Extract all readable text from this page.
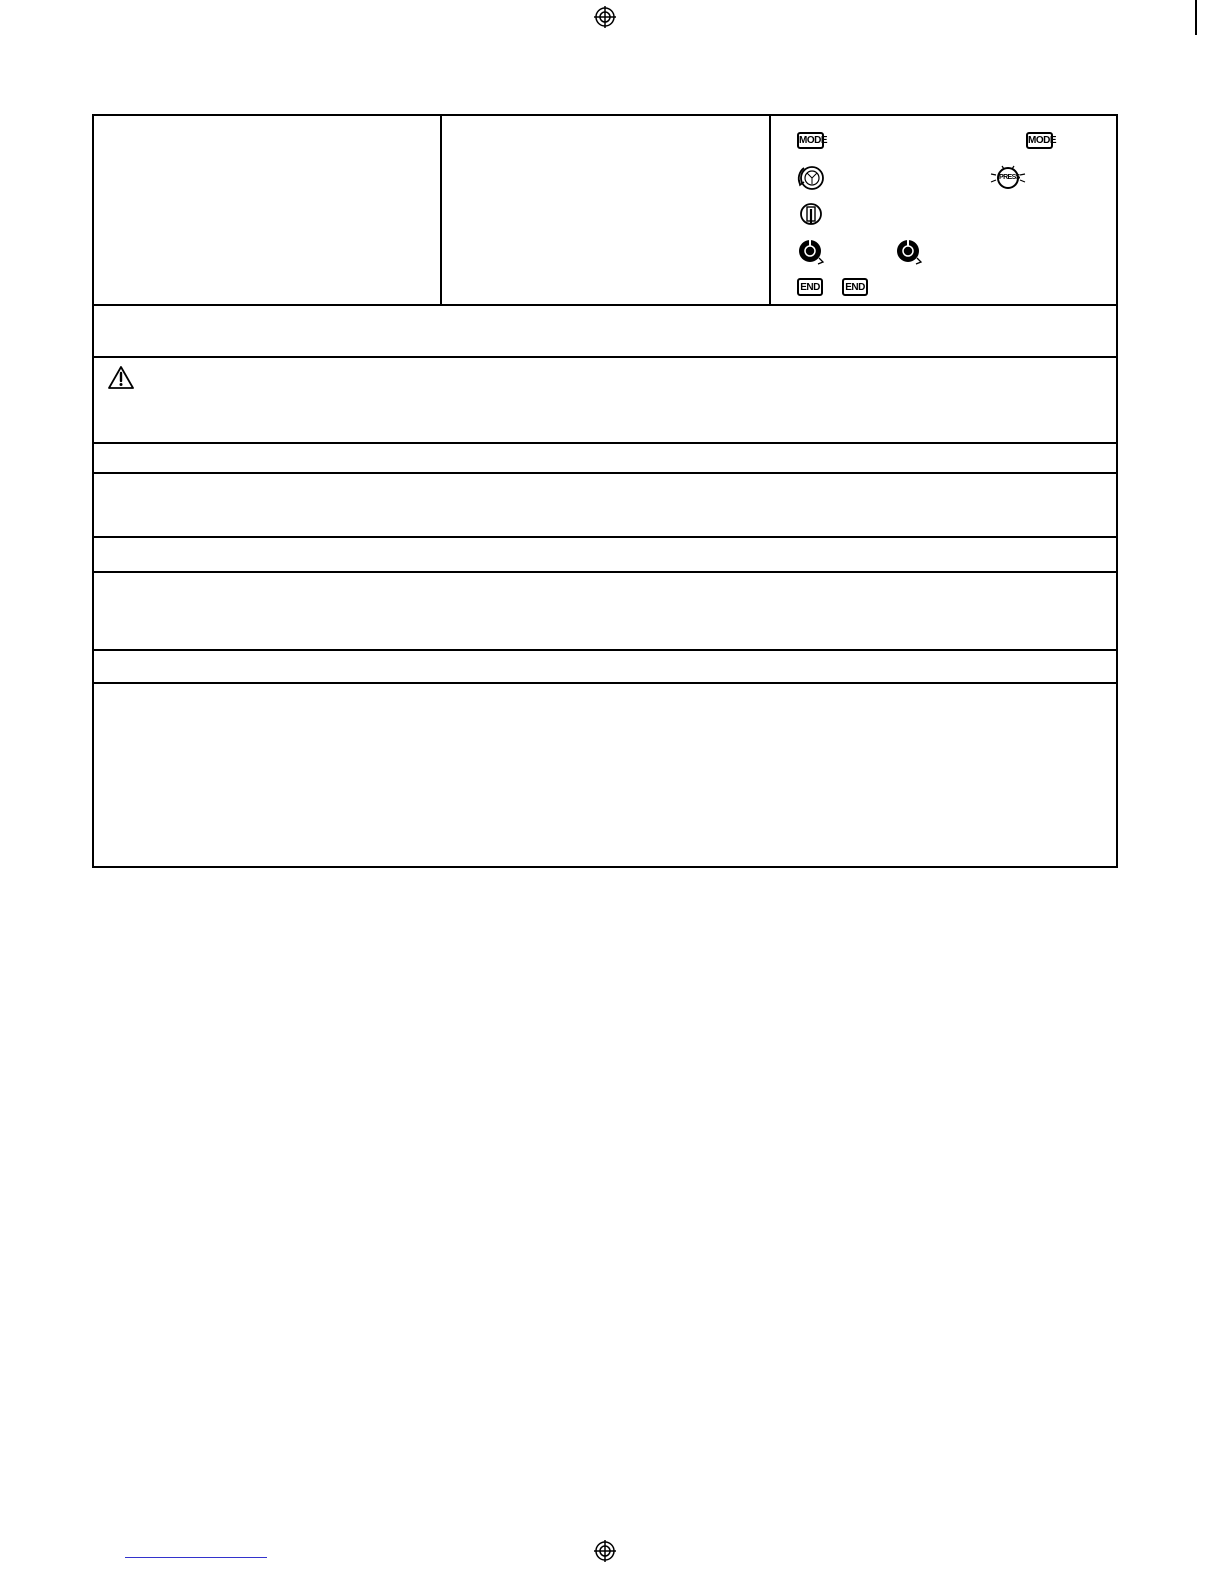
MODE	MODE
PRESS
END	END
